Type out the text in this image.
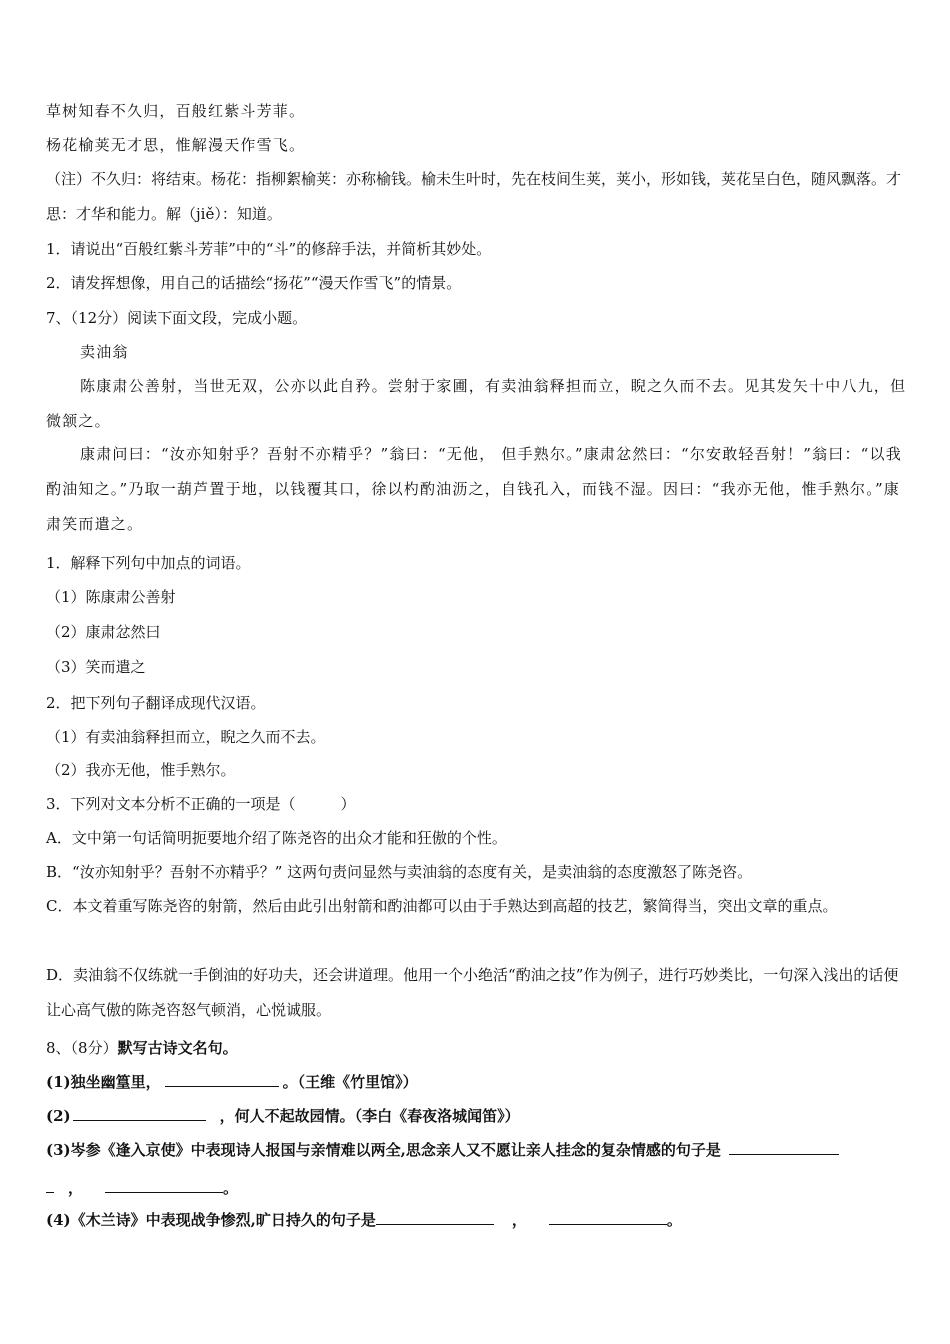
草树知春不久归，百般红紫斗芳菲。
杨花榆荚无才思，惟解漫天作雪飞。
（注）不久归：将结束。杨花：指柳絮榆荚：亦称榆钱。榆未生叶时，先在枝间生荚，荚小，形如钱，荚花呈白色，随风飘落。才思：才华和能力。解（jiě）：知道。
1．请说出“百般红紫斗芳菲”中的“斗”的修辞手法，并简析其妙处。
2．请发挥想像，用自己的话描绘“扬花”“漫天作雪飞”的情景。
7、（12分）阅读下面文段，完成小题。
卖油翁
陈康肃公善射，当世无双，公亦以此自矜。尝射于家圃，有卖油翁释担而立，睨之久而不去。见其发矢十中八九，但微颔之。
康肃问曰：“汝亦知射乎？吾射不亦精乎？”翁曰：“无他， 但手熟尔。”康肃忿然曰：“尔安敢轻吾射！”翁曰：“以我酌油知之。”乃取一葫芦置于地，以钱覆其口，徐以杓酌油沥之，自钱孔入，而钱不湿。因曰：“我亦无他，惟手熟尔。”康肃笑而遣之。
1．解释下列句中加点的词语。
（1）陈康肃公善射
（2）康肃忿然曰
（3）笑而遣之
2．把下列句子翻译成现代汉语。
（1）有卖油翁释担而立，睨之久而不去。
（2）我亦无他，惟手熟尔。
3．下列对文本分析不正确的一项是（　　　）
A．文中第一句话简明扼要地介绍了陈尧咨的出众才能和狂傲的个性。
B．“汝亦知射乎？吾射不亦精乎？” 这两句责问显然与卖油翁的态度有关，是卖油翁的态度激怒了陈尧咨。
C．本文着重写陈尧咨的射箭，然后由此引出射箭和酌油都可以由于手熟达到高超的技艺，繁简得当，突出文章的重点。
D．卖油翁不仅练就一手倒油的好功夫，还会讲道理。他用一个小绝活“酌油之技”作为例子，进行巧妙类比，一句深入浅出的话便让心高气傲的陈尧咨怒气顿消，心悦诚服。
8、（8分）默写古诗文名句。
(1)独坐幽篁里，	。（王维《竹里馆》）
(2)	，何人不起故园情。（李白《春夜洛城闻笛》）
(3)岑参《逢入京使》中表现诗人报国与亲情难以两全,思念亲人又不愿让亲人挂念的复杂情感的句子是
，	。
(4)《木兰诗》中表现战争惨烈,旷日持久的句子是	，	。
